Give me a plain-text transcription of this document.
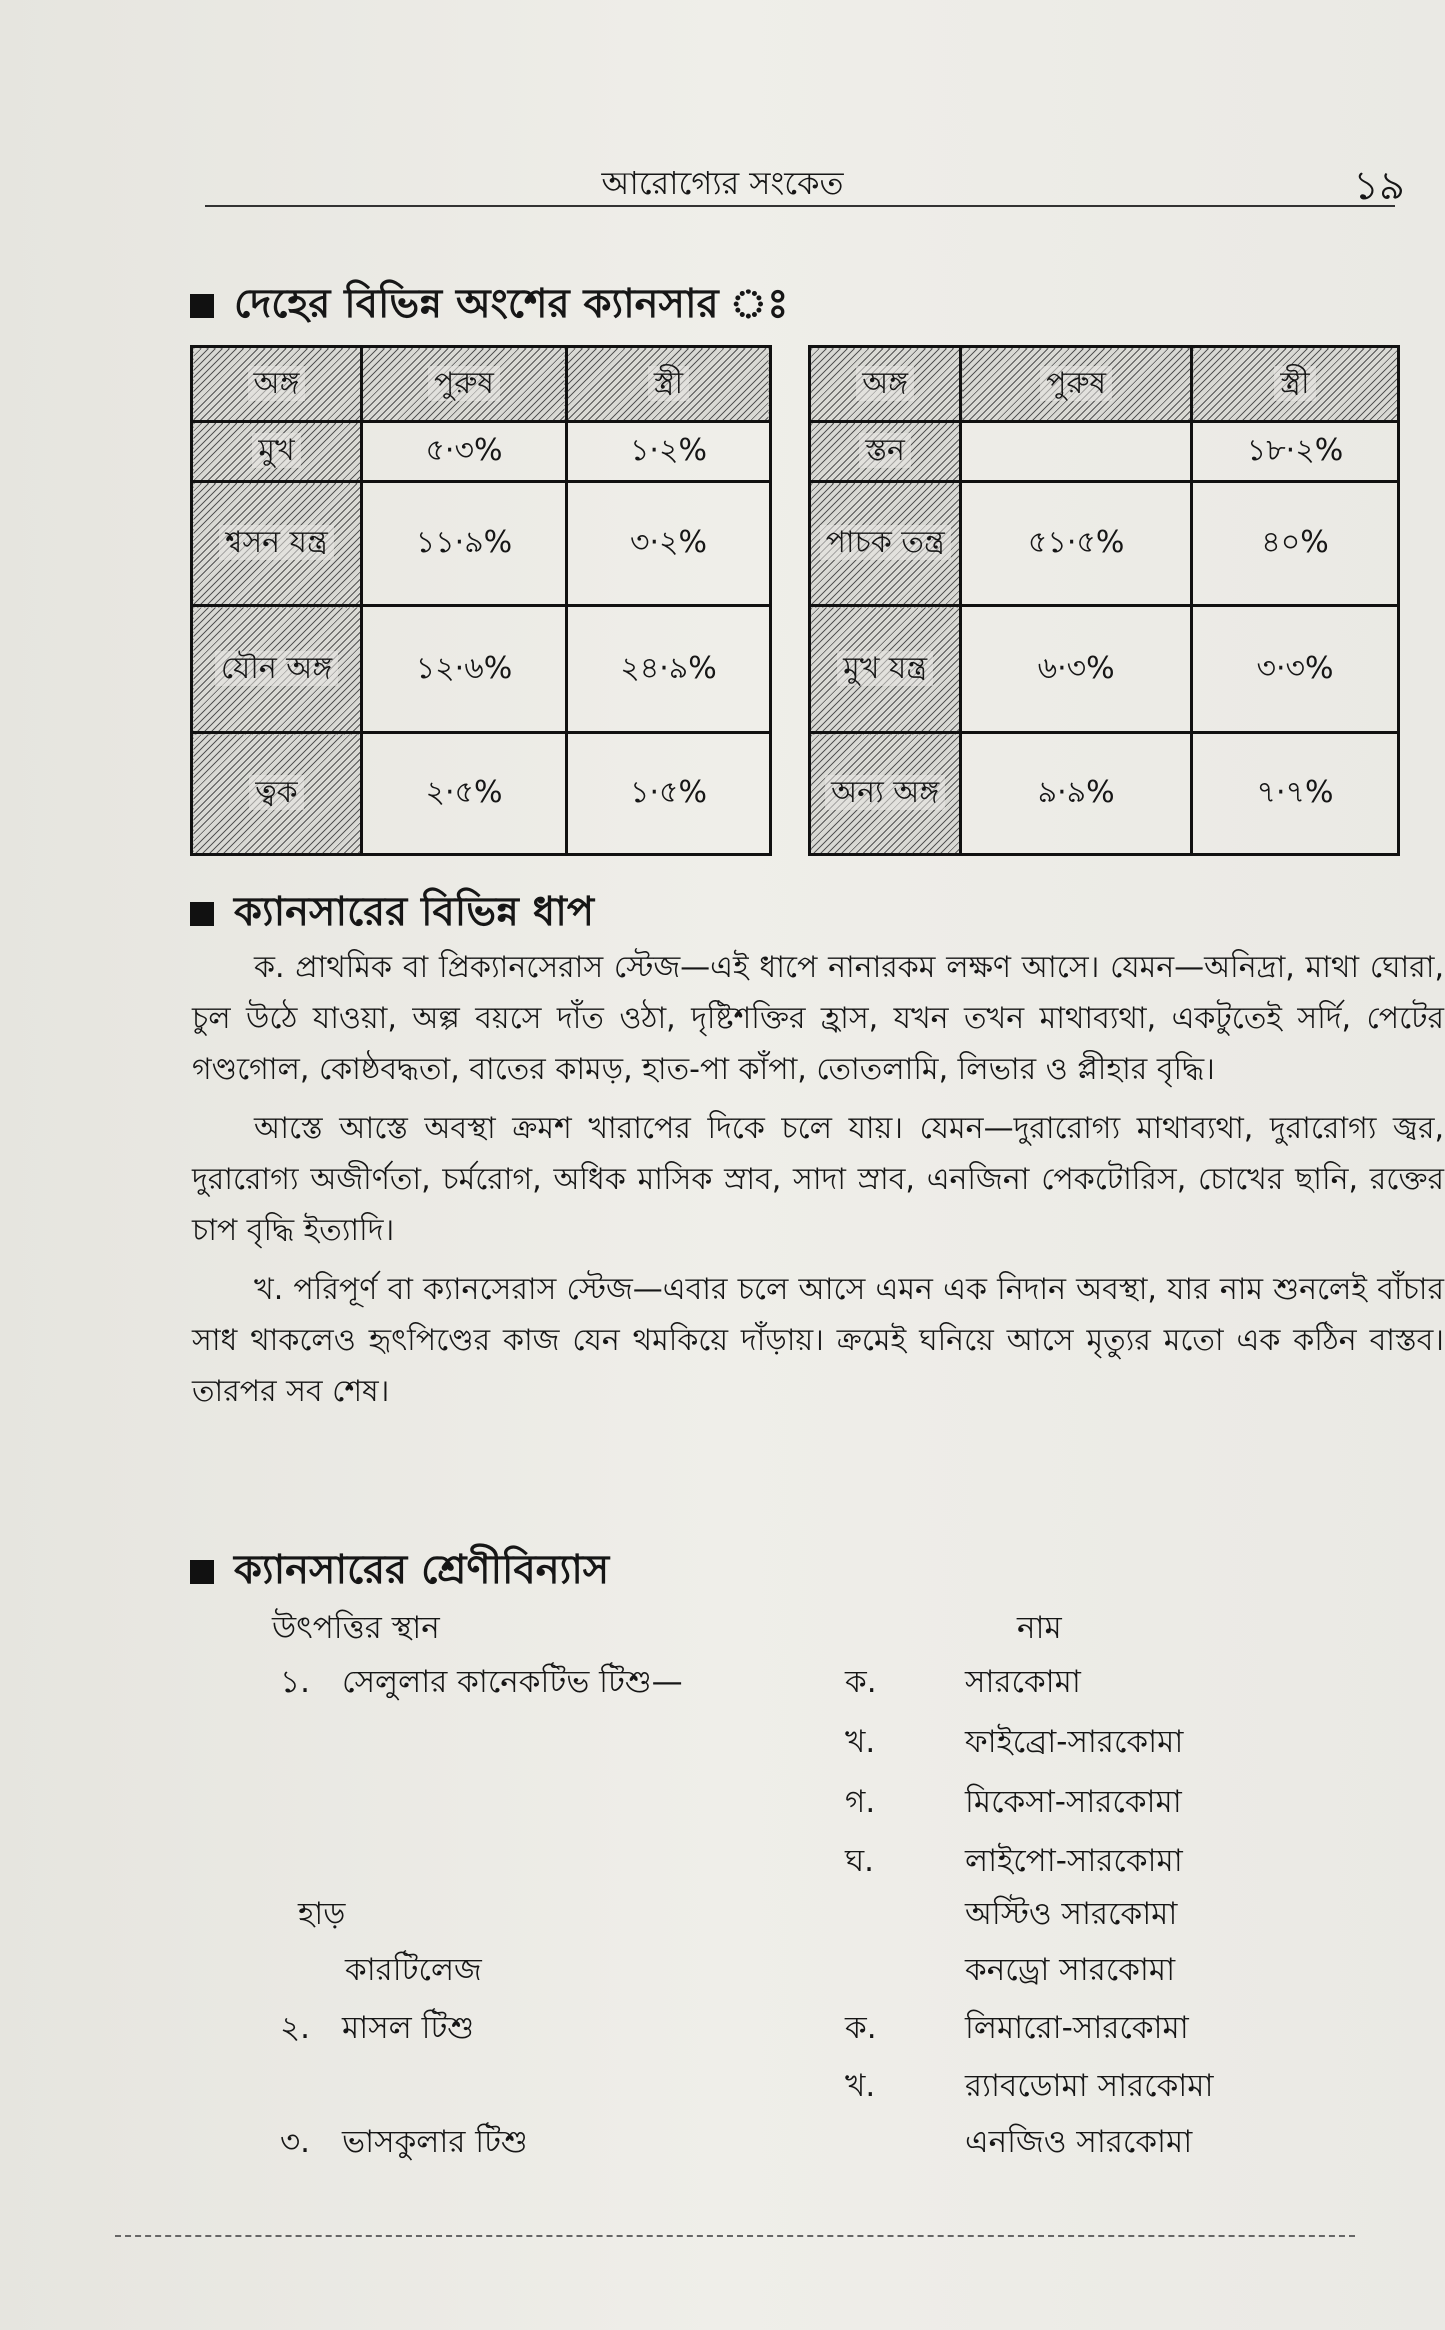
আরোগ্যের সংকেত	১৯
দেহের বিভিন্ন অংশের ক্যানসার ঃ
অঙ্গ	পুরুষ	স্ত্রী
মুখ	৫·৩%	১·২%
শ্বসন যন্ত্র	১১·৯%	৩·২%
যৌন অঙ্গ	১২·৬%	২৪·৯%
ত্বক	২·৫%	১·৫%
অঙ্গ	পুরুষ	স্ত্রী
স্তন		১৮·২%
পাচক তন্ত্র	৫১·৫%	৪০%
মুখ যন্ত্র	৬·৩%	৩·৩%
অন্য অঙ্গ	৯·৯%	৭·৭%
ক্যানসারের বিভিন্ন ধাপ

ক. প্রাথমিক বা প্রিক্যানসেরাস স্টেজ—এই ধাপে নানারকম লক্ষণ আসে। যেমন—অনিদ্রা, মাথা ঘোরা, চুল উঠে যাওয়া, অল্প বয়সে দাঁত ওঠা, দৃষ্টিশক্তির হ্রাস, যখন তখন মাথাব্যথা, একটুতেই সর্দি, পেটের গণ্ডগোল, কোষ্ঠবদ্ধতা, বাতের কামড়, হাত-পা কাঁপা, তোতলামি, লিভার ও প্লীহার বৃদ্ধি।

আস্তে আস্তে অবস্থা ক্রমশ খারাপের দিকে চলে যায়। যেমন—দুরারোগ্য মাথাব্যথা, দুরারোগ্য জ্বর, দুরারোগ্য অজীর্ণতা, চর্মরোগ, অধিক মাসিক স্রাব, সাদা স্রাব, এনজিনা পেকটোরিস, চোখের ছানি, রক্তের চাপ বৃদ্ধি ইত্যাদি।

খ. পরিপূর্ণ বা ক্যানসেরাস স্টেজ—এবার চলে আসে এমন এক নিদান অবস্থা, যার নাম শুনলেই বাঁচার সাধ থাকলেও হৃৎপিণ্ডের কাজ যেন থমকিয়ে দাঁড়ায়। ক্রমেই ঘনিয়ে আসে মৃত্যুর মতো এক কঠিন বাস্তব। তারপর সব শেষ।

ক্যানসারের শ্রেণীবিন্যাস
উৎপত্তির স্থান	নাম
১. সেলুলার কানেকটিভ টিশু—	ক.	সারকোমা
খ.	ফাইব্রো-সারকোমা
গ.	মিকেসা-সারকোমা
ঘ.	লাইপো-সারকোমা
হাড়	অস্টিও সারকোমা
কারটিলেজ	কনড্রো সারকোমা
২. মাসল টিশু	ক.	লিমারো-সারকোমা
খ.	র‍্যাবডোমা সারকোমা
৩. ভাসকুলার টিশু	এনজিও সারকোমা
